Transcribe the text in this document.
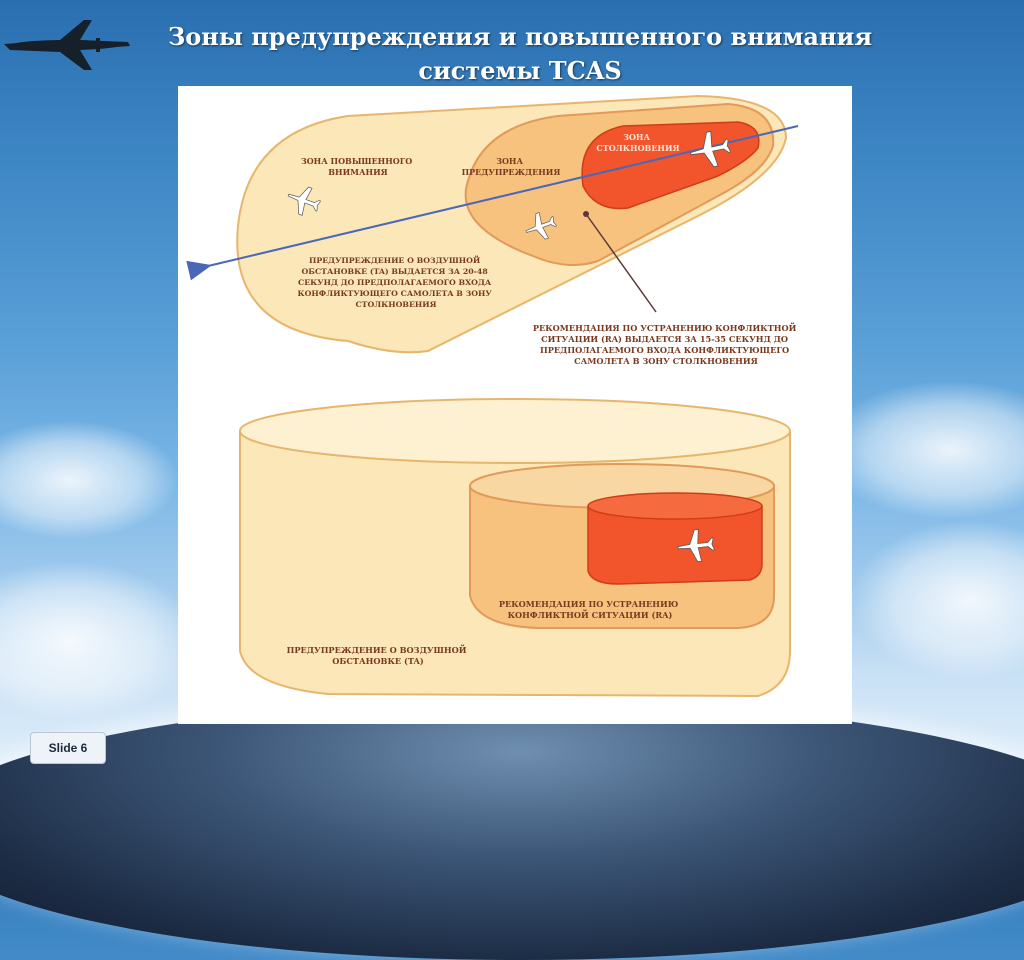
Зоны предупреждения и повышенного внимания
системы TCAS
ЗОНА ПОВЫШЕННОГО ВНИМАНИЯ
ЗОНА ПРЕДУПРЕЖДЕНИЯ
ЗОНА СТОЛКНОВЕНИЯ
ПРЕДУПРЕЖДЕНИЕ О ВОЗДУШНОЙ ОБСТАНОВКЕ (TA) ВЫДАЕТСЯ ЗА 20-48 СЕКУНД ДО ПРЕДПОЛАГАЕМОГО ВХОДА КОНФЛИКТУЮЩЕГО САМОЛЕТА В ЗОНУ СТОЛКНОВЕНИЯ
РЕКОМЕНДАЦИЯ ПО УСТРАНЕНИЮ КОНФЛИКТНОЙ СИТУАЦИИ (RA) ВЫДАЕТСЯ ЗА 15-35 СЕКУНД ДО ПРЕДПОЛАГАЕМОГО ВХОДА КОНФЛИКТУЮЩЕГО САМОЛЕТА В ЗОНУ СТОЛКНОВЕНИЯ
РЕКОМЕНДАЦИЯ ПО УСТРАНЕНИЮ КОНФЛИКТНОЙ СИТУАЦИИ (RA)
ПРЕДУПРЕЖДЕНИЕ О ВОЗДУШНОЙ ОБСТАНОВКЕ (TA)
Slide 6
